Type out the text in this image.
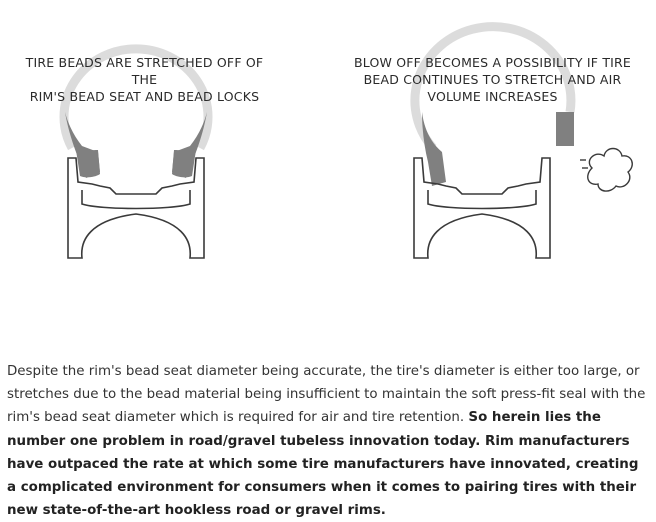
TIRE BEADS ARE STRETCHED OFF OF THE
RIM'S BEAD SEAT AND BEAD LOCKS
BLOW OFF BECOMES A POSSIBILITY IF TIRE
BEAD CONTINUES TO STRETCH AND AIR
VOLUME INCREASES

Despite the rim's bead seat diameter being accurate, the tire's diameter is either too large, or stretches due to the bead material being insufficient to maintain the soft press-fit seal with the rim's bead seat diameter which is required for air and tire retention. So herein lies the number one problem in road/gravel tubeless innovation today. Rim manufacturers have outpaced the rate at which some tire manufacturers have innovated, creating a complicated environment for consumers when it comes to pairing tires with their new state-of-the-art hookless road or gravel rims.
